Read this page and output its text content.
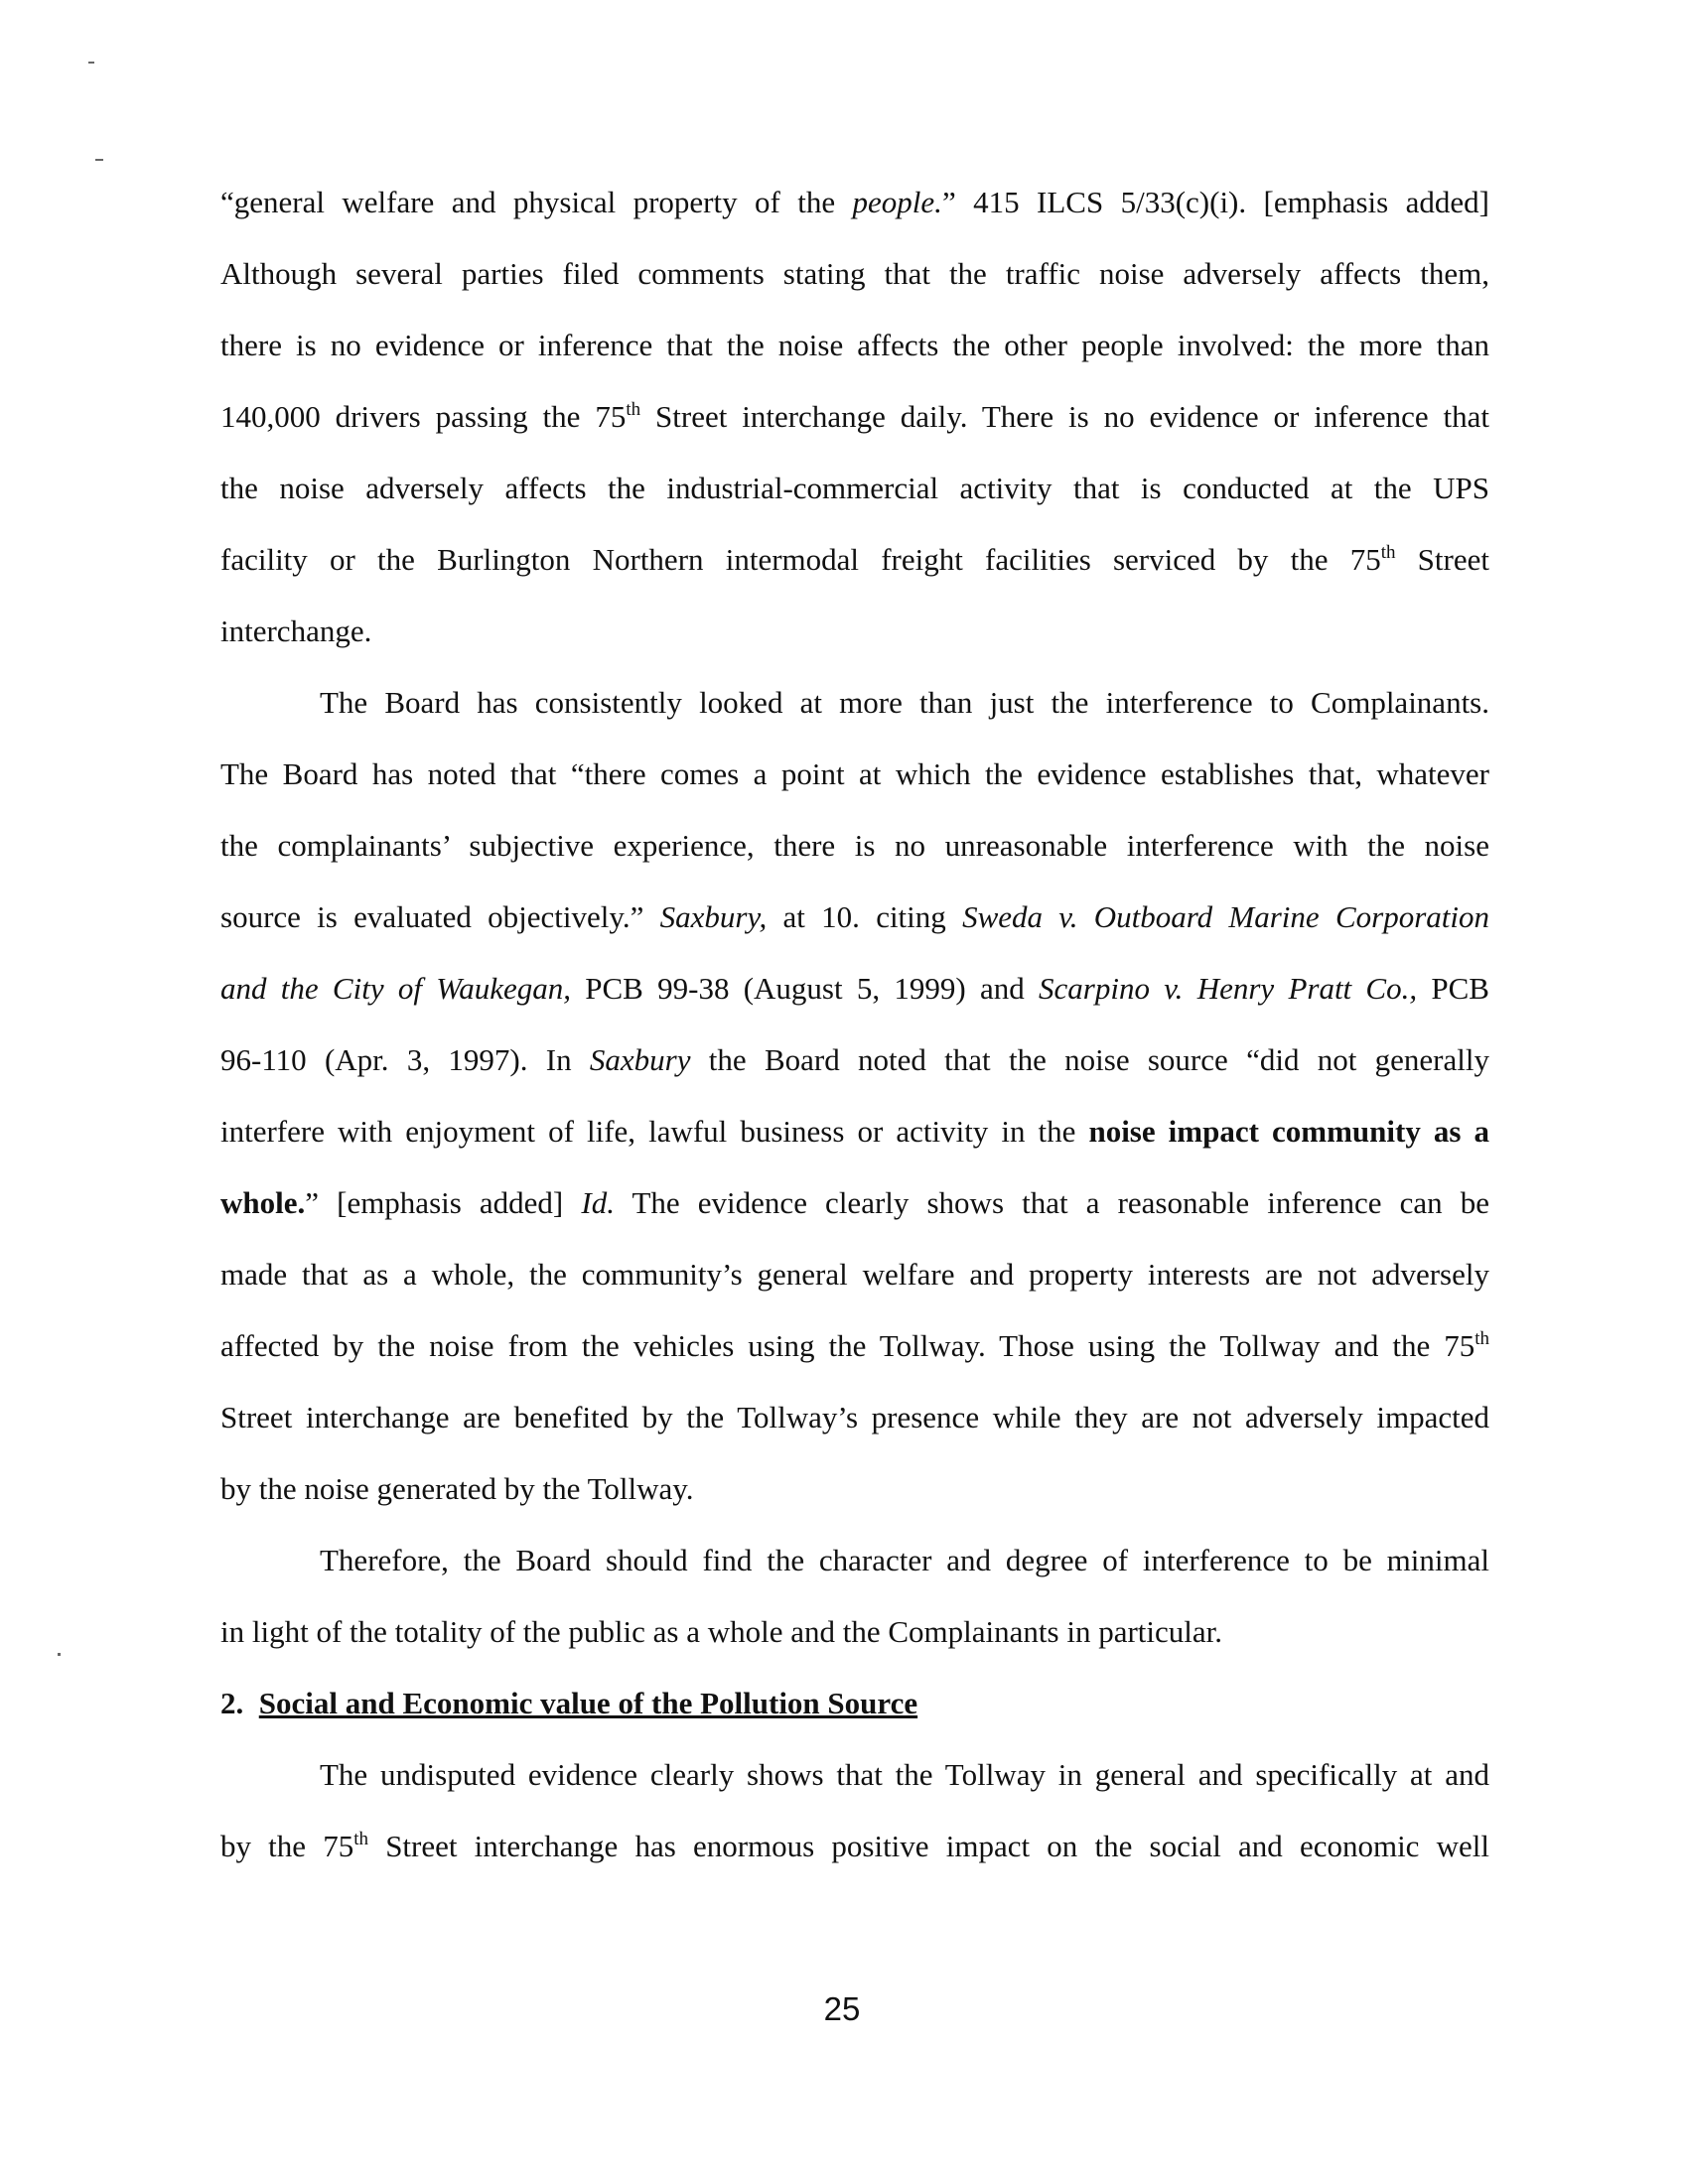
“general welfare and physical property of the people.” 415 ILCS 5/33(c)(i). [emphasis added]
Although several parties filed comments stating that the traffic noise adversely affects them,
there is no evidence or inference that the noise affects the other people involved: the more than
140,000 drivers passing the 75th Street interchange daily. There is no evidence or inference that
the noise adversely affects the industrial-commercial activity that is conducted at the UPS
facility or the Burlington Northern intermodal freight facilities serviced by the 75th Street
interchange.
The Board has consistently looked at more than just the interference to Complainants.
The Board has noted that “there comes a point at which the evidence establishes that, whatever
the complainants’ subjective experience, there is no unreasonable interference with the noise
source is evaluated objectively.” Saxbury, at 10. citing Sweda v. Outboard Marine Corporation
and the City of Waukegan, PCB 99-38 (August 5, 1999) and Scarpino v. Henry Pratt Co., PCB
96-110 (Apr. 3, 1997). In Saxbury the Board noted that the noise source “did not generally
interfere with enjoyment of life, lawful business or activity in the noise impact community as a
whole.” [emphasis added] Id. The evidence clearly shows that a reasonable inference can be
made that as a whole, the community’s general welfare and property interests are not adversely
affected by the noise from the vehicles using the Tollway. Those using the Tollway and the 75th
Street interchange are benefited by the Tollway’s presence while they are not adversely impacted
by the noise generated by the Tollway.
Therefore, the Board should find the character and degree of interference to be minimal
in light of the totality of the public as a whole and the Complainants in particular.
2. Social and Economic value of the Pollution Source
The undisputed evidence clearly shows that the Tollway in general and specifically at and
by the 75th Street interchange has enormous positive impact on the social and economic well
25
